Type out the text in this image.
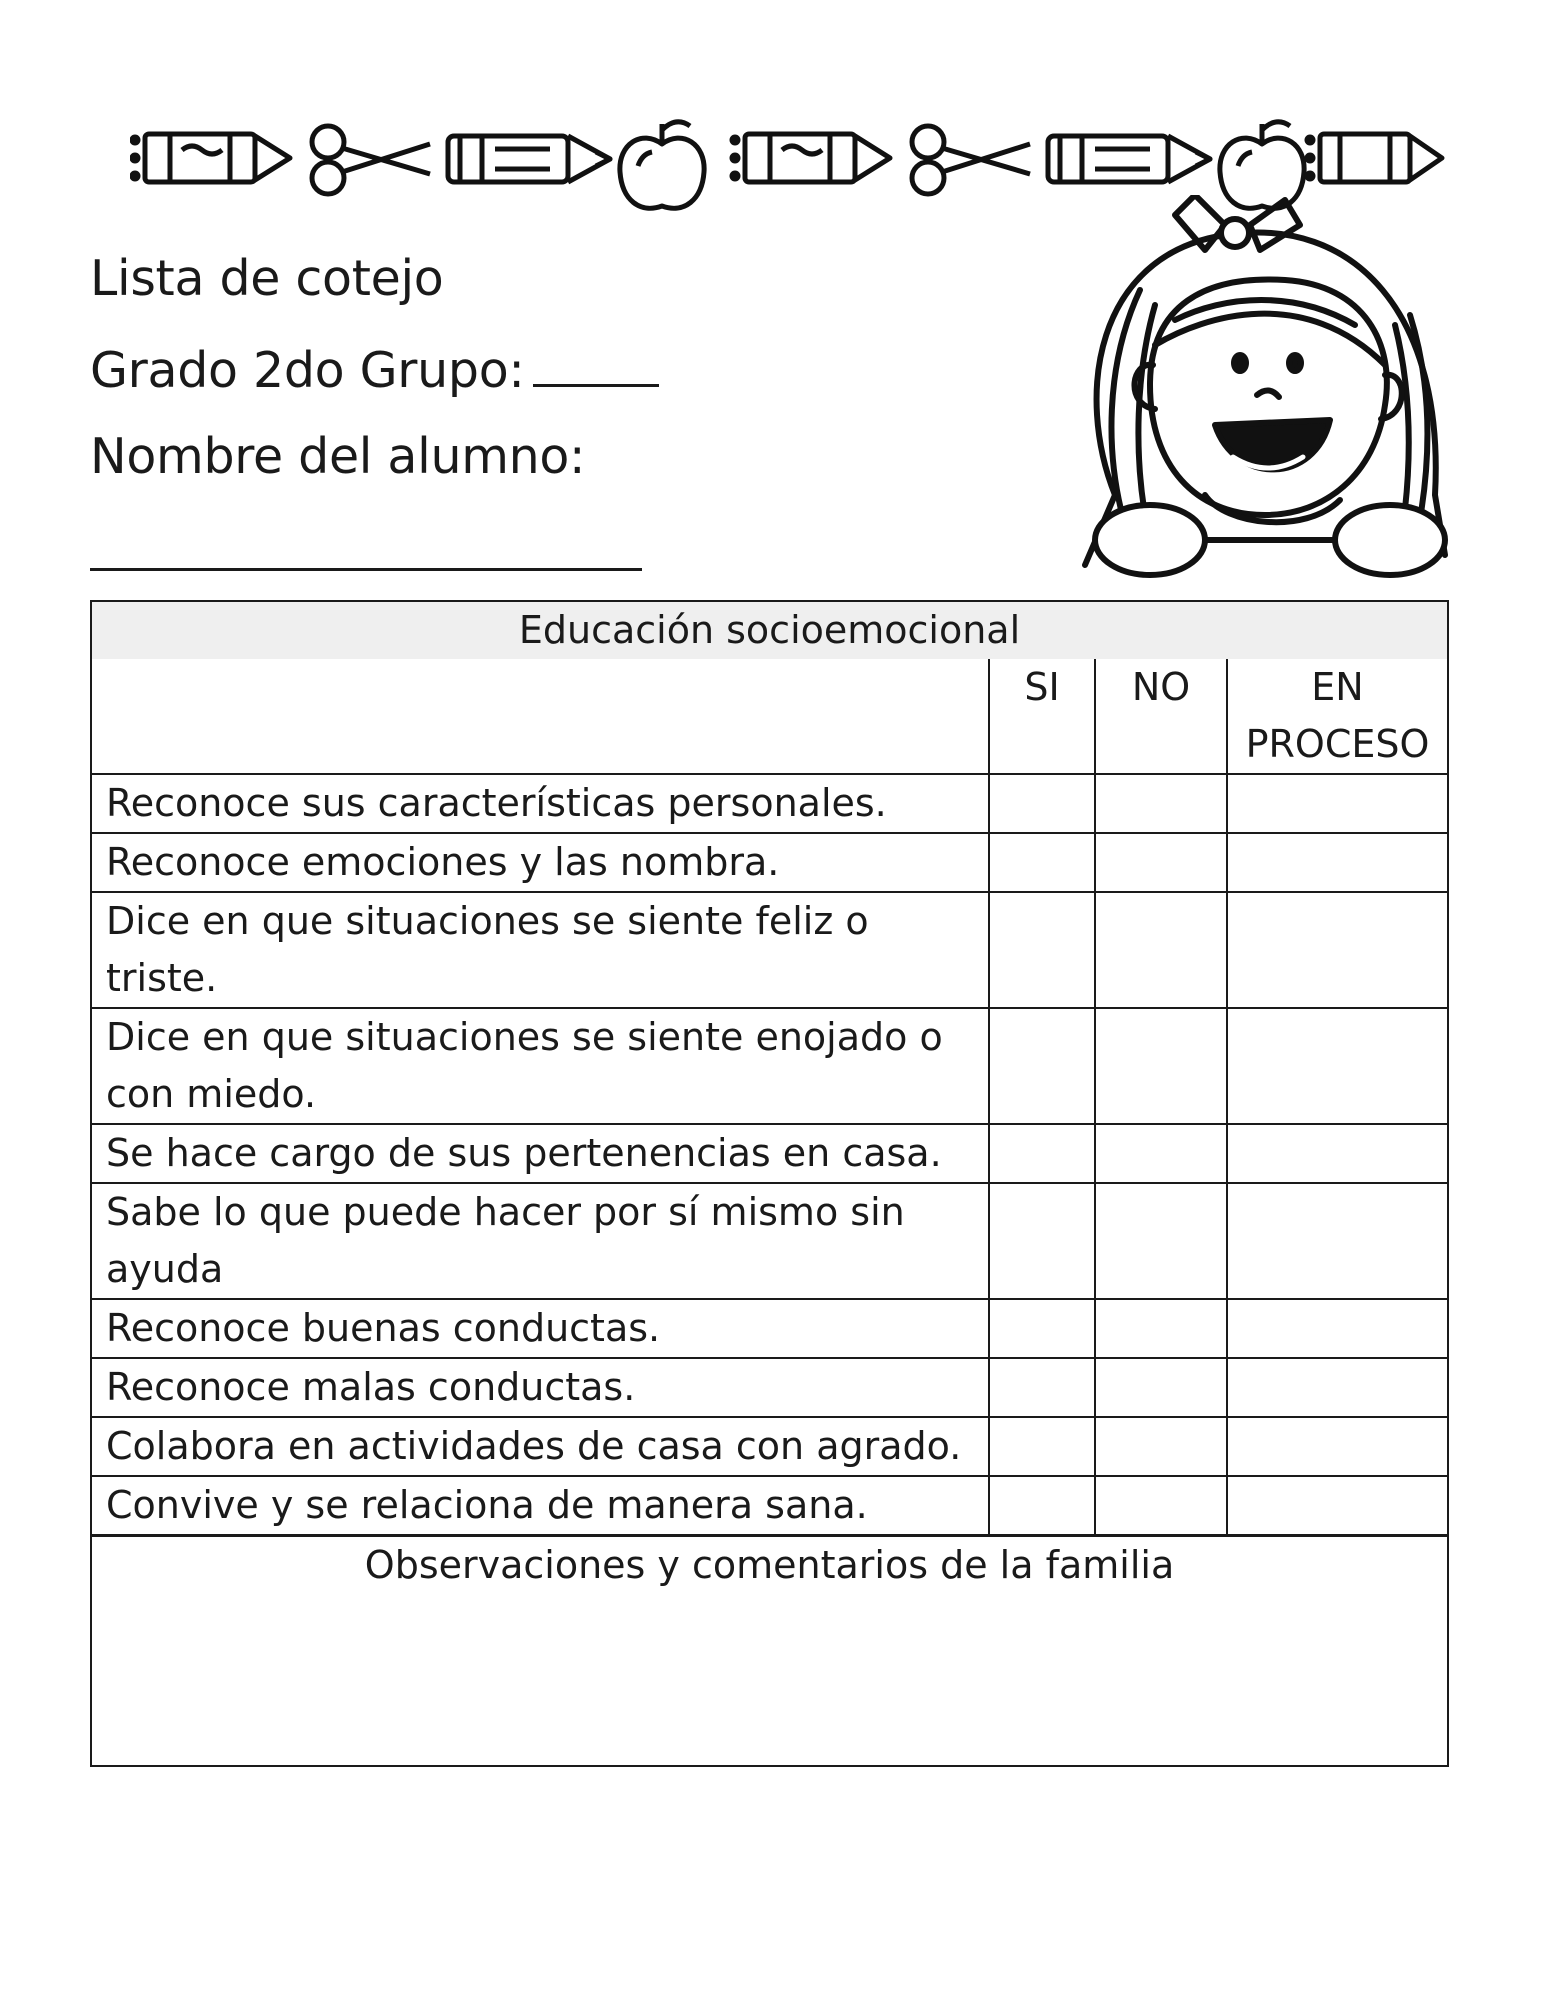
Lista de cotejo
Grado 2do Grupo:
Nombre del alumno:
Educación socioemocional			
	SI	NO	EN PROCESO
Reconoce sus características personales.			
Reconoce emociones y las nombra.			
Dice en que situaciones se siente feliz o triste.			
Dice en que situaciones se siente enojado o con miedo.			
Se hace cargo de sus pertenencias en casa.			
Sabe lo que puede hacer por sí mismo sin ayuda			
Reconoce buenas conductas.			
Reconoce malas conductas.			
Colabora en actividades de casa con agrado.			
Convive y se relaciona de manera sana.			
Observaciones y comentarios de la familia			
